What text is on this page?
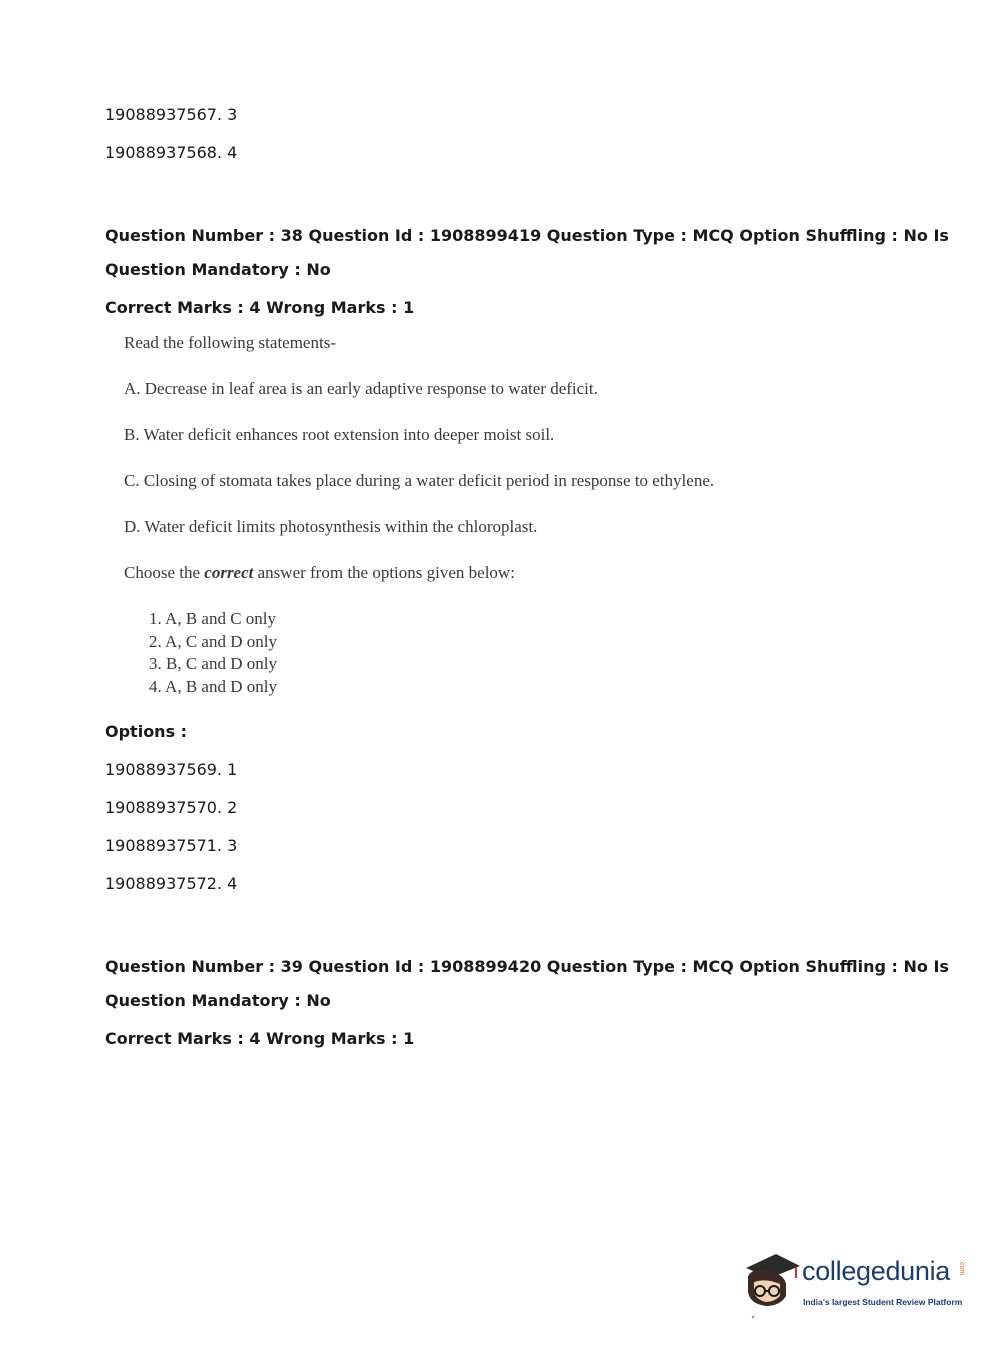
19088937567. 3
19088937568. 4
Question Number : 38 Question Id : 1908899419 Question Type : MCQ Option Shuffling : No Is
Question Mandatory : No
Correct Marks : 4 Wrong Marks : 1
Read the following statements-
A. Decrease in leaf area is an early adaptive response to water deficit.
B. Water deficit enhances root extension into deeper moist soil.
C. Closing of stomata takes place during a water deficit period in response to ethylene.
D. Water deficit limits photosynthesis within the chloroplast.
Choose the correct answer from the options given below:
1. A, B and C only
2. A, C and D only
3. B, C and D only
4. A, B and D only
Options :
19088937569. 1
19088937570. 2
19088937571. 3
19088937572. 4
Question Number : 39 Question Id : 1908899420 Question Type : MCQ Option Shuffling : No Is
Question Mandatory : No
Correct Marks : 4 Wrong Marks : 1
collegedunia .com
India's largest Student Review Platform
